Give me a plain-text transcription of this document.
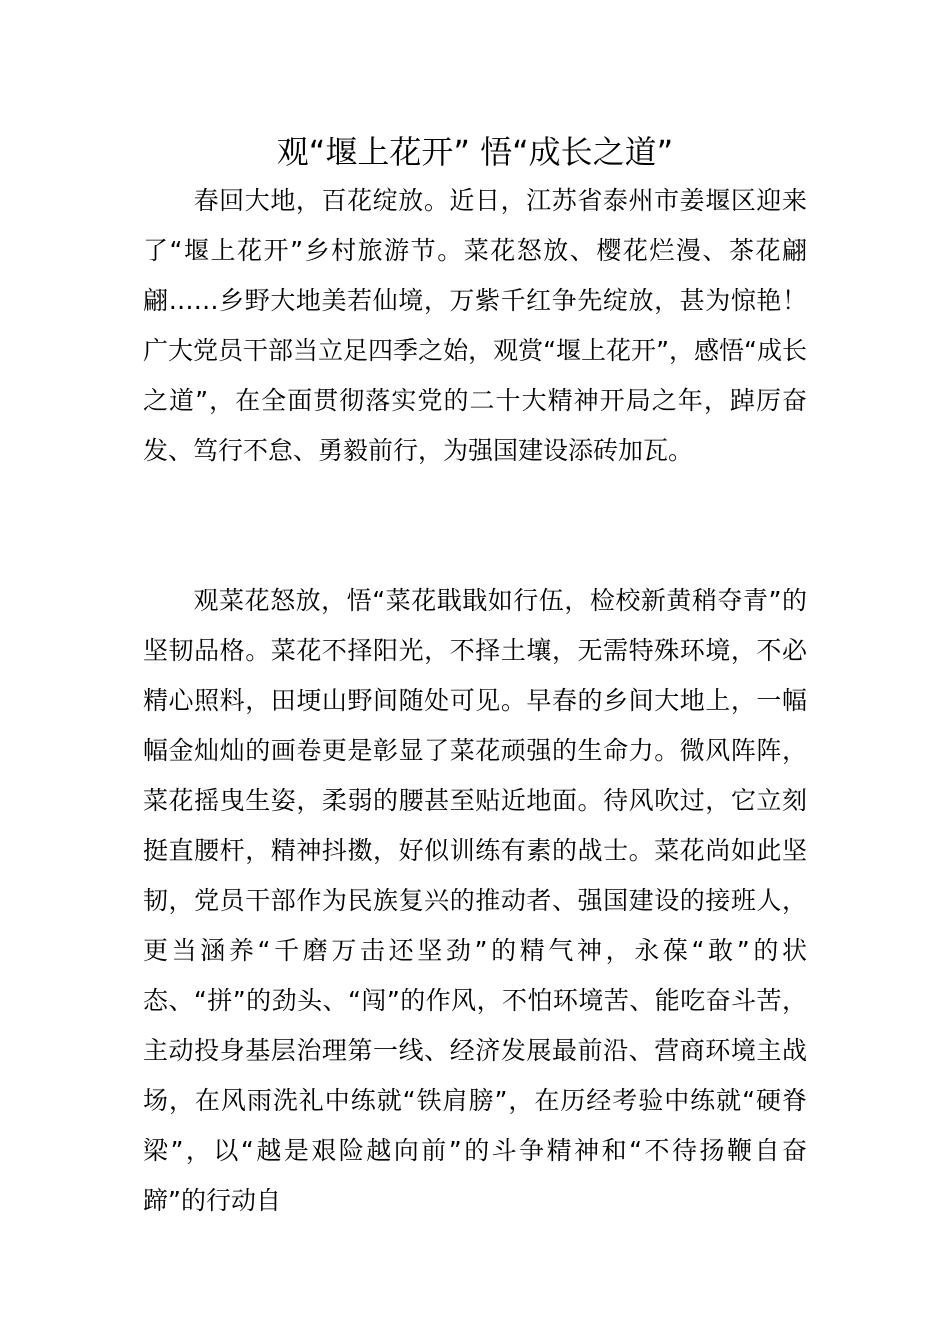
观“堰上花开” 悟“成长之道”

春回大地，百花绽放。近日，江苏省泰州市姜堰区迎来了“堰上花开”乡村旅游节。菜花怒放、樱花烂漫、茶花翩翩……乡野大地美若仙境，万紫千红争先绽放，甚为惊艳！广大党员干部当立足四季之始，观赏“堰上花开”，感悟“成长之道”，在全面贯彻落实党的二十大精神开局之年，踔厉奋发、笃行不怠、勇毅前行，为强国建设添砖加瓦。

观菜花怒放，悟“菜花戢戢如行伍，检校新黄稍夺青”的坚韧品格。菜花不择阳光，不择土壤，无需特殊环境，不必精心照料，田埂山野间随处可见。早春的乡间大地上，一幅幅金灿灿的画卷更是彰显了菜花顽强的生命力。微风阵阵，菜花摇曳生姿，柔弱的腰甚至贴近地面。待风吹过，它立刻挺直腰杆，精神抖擞，好似训练有素的战士。菜花尚如此坚韧，党员干部作为民族复兴的推动者、强国建设的接班人，更当涵养“千磨万击还坚劲”的精气神，永葆“敢”的状态、“拼”的劲头、“闯”的作风，不怕环境苦、能吃奋斗苦，主动投身基层治理第一线、经济发展最前沿、营商环境主战场，在风雨洗礼中练就“铁肩膀”，在历经考验中练就“硬脊梁”，以“越是艰险越向前”的斗争精神和“不待扬鞭自奋蹄”的行动自
